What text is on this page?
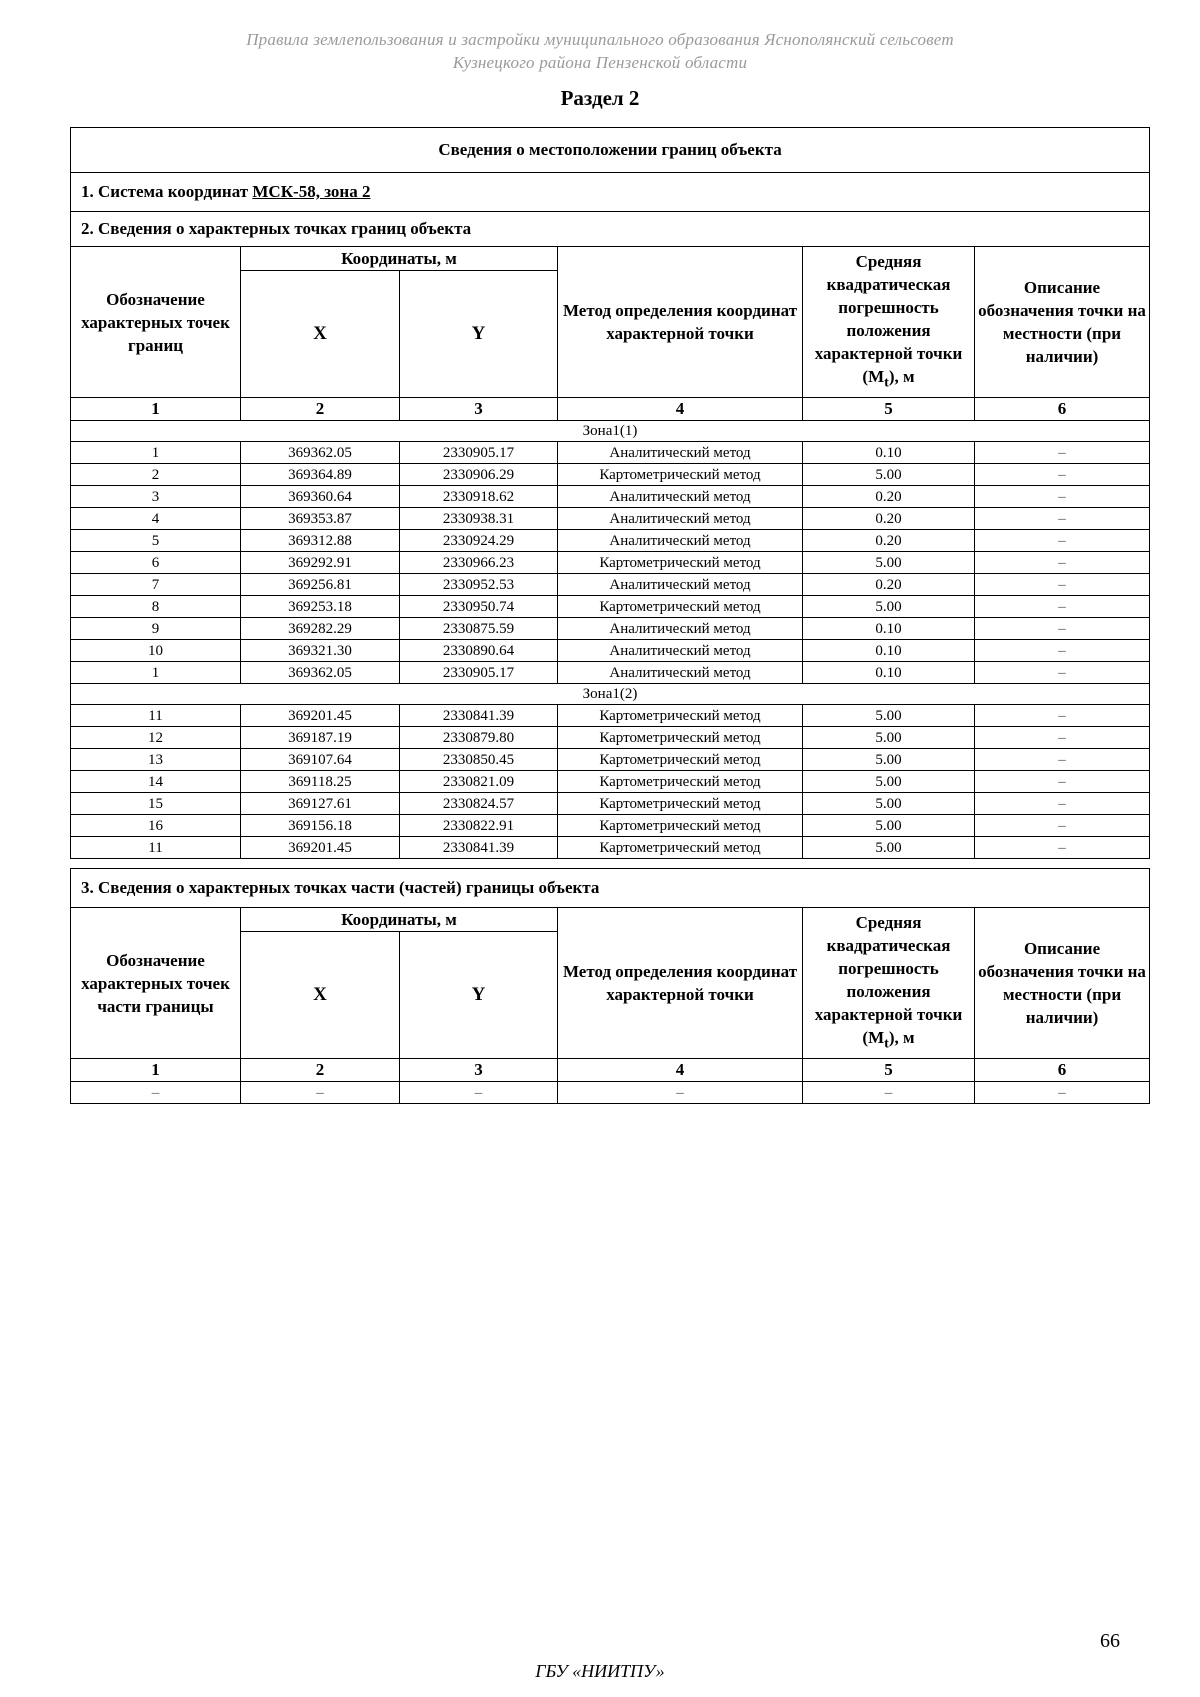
Правила землепользования и застройки муниципального образования Яснополянский сельсовет
Кузнецкого района Пензенской области
Раздел 2
Сведения о местоположении границ объекта					
1. Система координат МСК-58, зона 2					
2. Сведения о характерных точках границ объекта					
Обозначение характерных точек границ	Координаты, м		Метод определения координат характерной точки	Средняя квадратическая погрешность положения характерной точки $(M_t)$, м	Описание обозначения точки на местности (при наличии)
	X	Y			
1	2	3	4	5	6
Зона1(1)					
1	369362.05	2330905.17	Аналитический метод	0.10	–
2	369364.89	2330906.29	Картометрический метод	5.00	–
3	369360.64	2330918.62	Аналитический метод	0.20	–
4	369353.87	2330938.31	Аналитический метод	0.20	–
5	369312.88	2330924.29	Аналитический метод	0.20	–
6	369292.91	2330966.23	Картометрический метод	5.00	–
7	369256.81	2330952.53	Аналитический метод	0.20	–
8	369253.18	2330950.74	Картометрический метод	5.00	–
9	369282.29	2330875.59	Аналитический метод	0.10	–
10	369321.30	2330890.64	Аналитический метод	0.10	–
1	369362.05	2330905.17	Аналитический метод	0.10	–
Зона1(2)					
11	369201.45	2330841.39	Картометрический метод	5.00	–
12	369187.19	2330879.80	Картометрический метод	5.00	–
13	369107.64	2330850.45	Картометрический метод	5.00	–
14	369118.25	2330821.09	Картометрический метод	5.00	–
15	369127.61	2330824.57	Картометрический метод	5.00	–
16	369156.18	2330822.91	Картометрический метод	5.00	–
11	369201.45	2330841.39	Картометрический метод	5.00	–
3. Сведения о характерных точках части (частей) границы объекта					
Обозначение характерных точек части границы	Координаты, м		Метод определения координат характерной точки	Средняя квадратическая погрешность положения характерной точки $(M_t)$, м	Описание обозначения точки на местности (при наличии)
	X	Y			
1	2	3	4	5	6
–	–	–	–	–	–
66
ГБУ «НИИТПУ»
